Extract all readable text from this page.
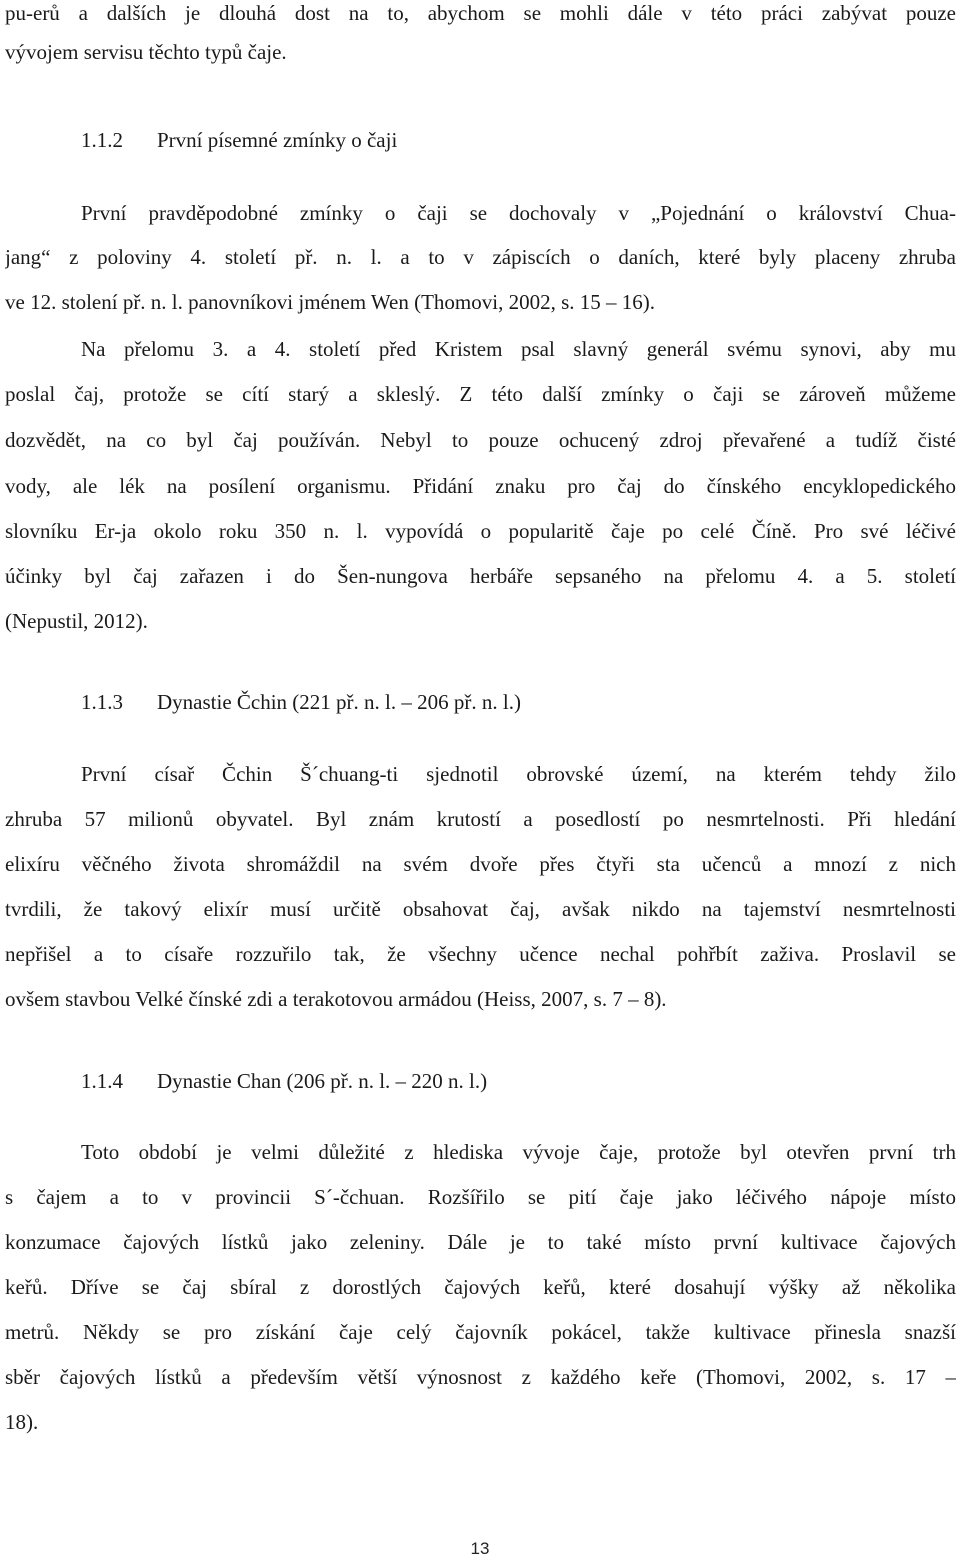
pu-erů a dalších je dlouhá dost na to, abychom se mohli dále v této práci zabývat pouze
vývojem servisu těchto typů čaje.
1.1.2 První písemné zmínky o čaji
První pravděpodobné zmínky o čaji se dochovaly v „Pojednání o království Chua-
jang“ z poloviny 4. století př. n. l. a to v zápiscích o daních, které byly placeny zhruba
ve 12. stolení př. n. l. panovníkovi jménem Wen (Thomovi, 2002, s. 15 – 16).
Na přelomu 3. a 4. století před Kristem psal slavný generál svému synovi, aby mu
poslal čaj, protože se cítí starý a skleslý. Z této další zmínky o čaji se zároveň můžeme
dozvědět, na co byl čaj používán. Nebyl to pouze ochucený zdroj převařené a tudíž čisté
vody, ale lék na posílení organismu. Přidání znaku pro čaj do čínského encyklopedického
slovníku Er-ja okolo roku 350 n. l. vypovídá o popularitě čaje po celé Číně. Pro své léčivé
účinky byl čaj zařazen i do Šen-nungova herbáře sepsaného na přelomu 4. a 5. století
(Nepustil, 2012).
1.1.3 Dynastie Čchin (221 př. n. l. – 206 př. n. l.)
První císař Čchin Š´chuang-ti sjednotil obrovské území, na kterém tehdy žilo
zhruba 57 milionů obyvatel. Byl znám krutostí a posedlostí po nesmrtelnosti. Při hledání
elixíru věčného života shromáždil na svém dvoře přes čtyři sta učenců a mnozí z nich
tvrdili, že takový elixír musí určitě obsahovat čaj, avšak nikdo na tajemství nesmrtelnosti
nepřišel a to císaře rozzuřilo tak, že všechny učence nechal pohřbít zaživa. Proslavil se
ovšem stavbou Velké čínské zdi a terakotovou armádou (Heiss, 2007, s. 7 – 8).
1.1.4 Dynastie Chan (206 př. n. l. – 220 n. l.)
Toto období je velmi důležité z hlediska vývoje čaje, protože byl otevřen první trh
s čajem a to v provincii S´-čchuan. Rozšířilo se pití čaje jako léčivého nápoje místo
konzumace čajových lístků jako zeleniny. Dále je to také místo první kultivace čajových
keřů. Dříve se čaj sbíral z dorostlých čajových keřů, které dosahují výšky až několika
metrů. Někdy se pro získání čaje celý čajovník pokácel, takže kultivace přinesla snazší
sběr čajových lístků a především větší výnosnost z každého keře (Thomovi, 2002, s. 17 –
18).
13
